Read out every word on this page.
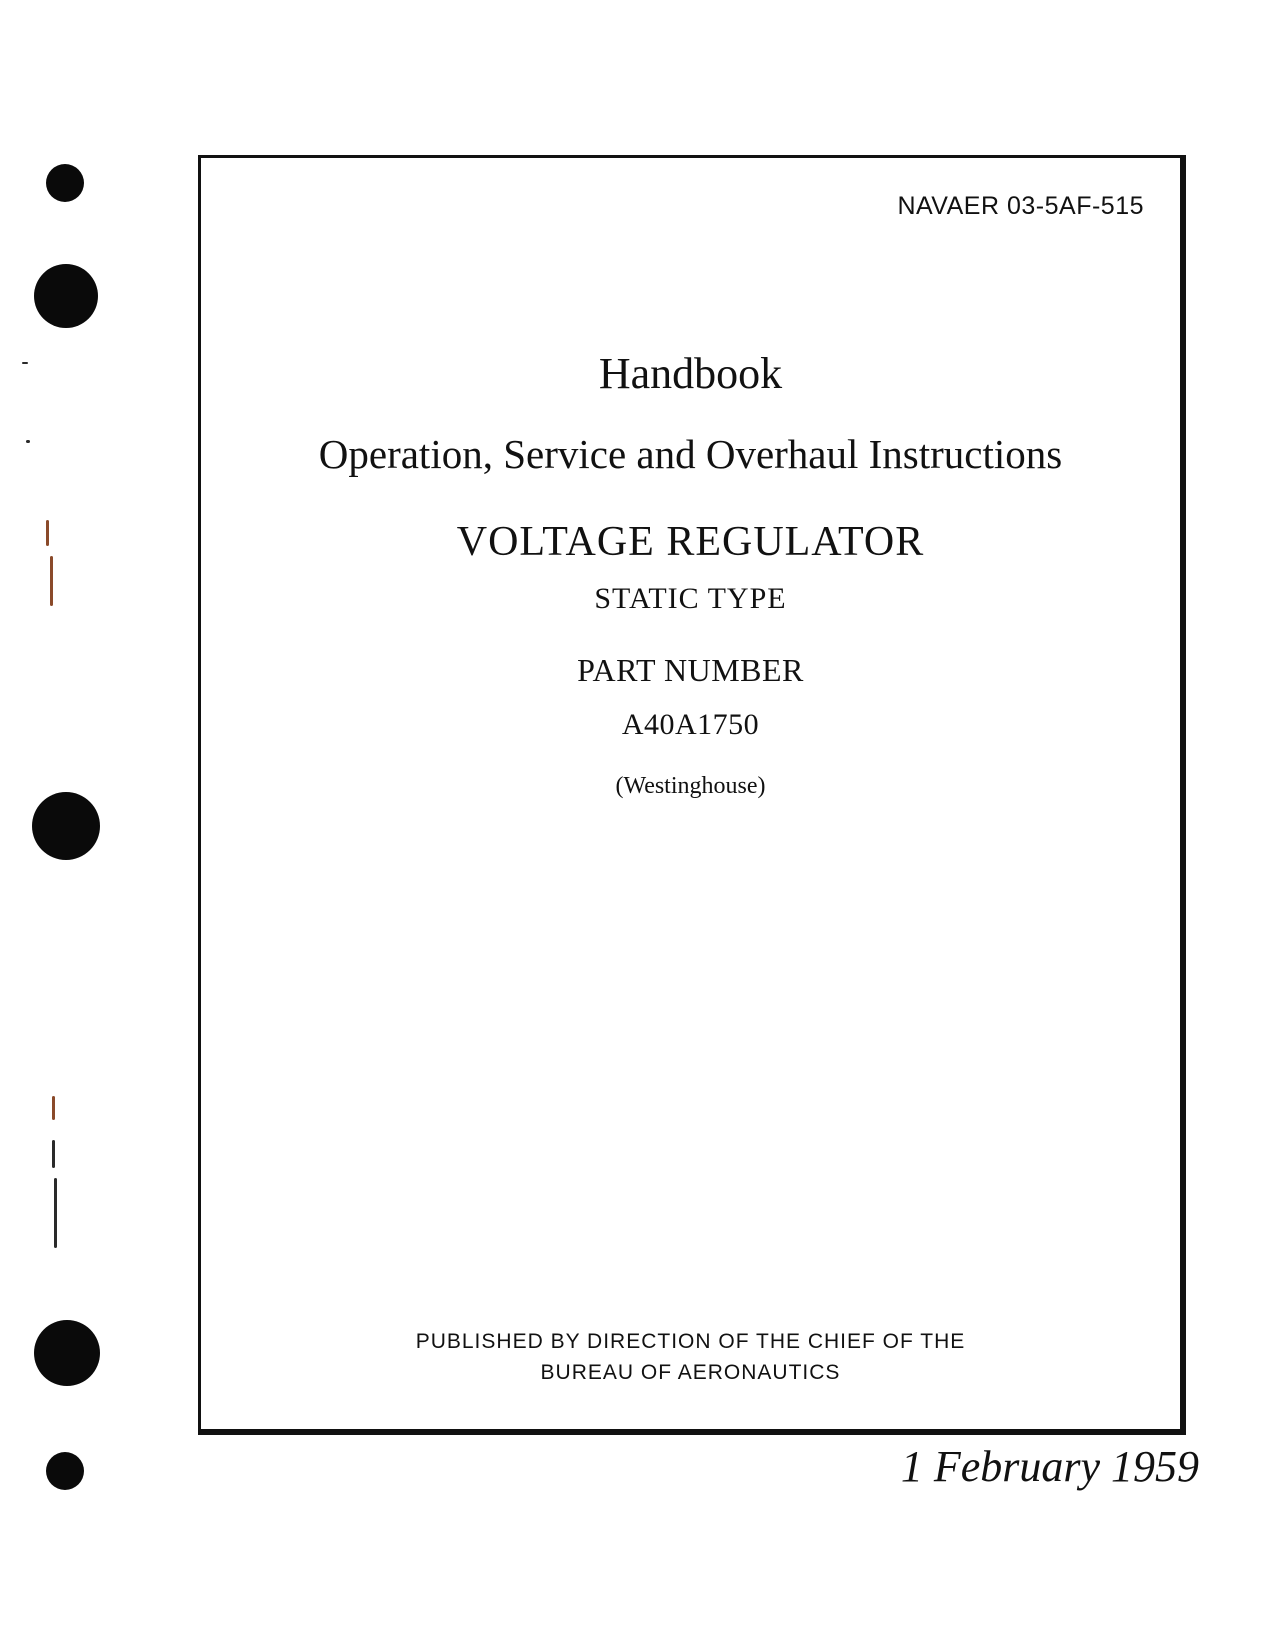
NAVAER 03-5AF-515
Handbook
Operation, Service and Overhaul Instructions
VOLTAGE REGULATOR
STATIC TYPE
PART NUMBER
A40A1750
(Westinghouse)
PUBLISHED BY DIRECTION OF THE CHIEF OF THE
BUREAU OF AERONAUTICS
1 February 1959
